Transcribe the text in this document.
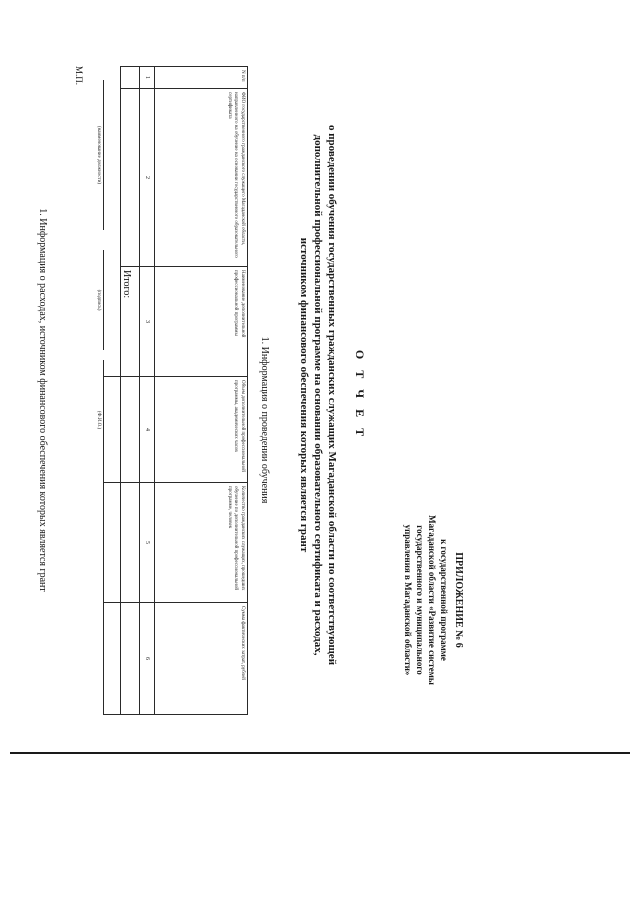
ПРИЛОЖЕНИЕ № 6
к государственной программе
Магаданской области «Развитие системы
государственного и муниципального
управления в Магаданской области»
О Т Ч Е Т
о проведении обучения государственных гражданских служащих Магаданской области по соответствующей
дополнительной профессиональной программе на основании образовательного сертификата и расходах,
источником финансового обеспечения которых является грант
1. Информация о проведении обучения
N п/п	ФИО государственного гражданского служащего Магаданской области, направленного на обучение на основании государственного образовательного сертификата	Наименование дополнительной профессиональной программы	Объем дополнительной профессиональной программы, академических часов	Количество гражданских служащих, прошедших обучение по дополнительной профессиональной программе, человек	Сумма фактических затрат, рублей
1	2	3	4	5	6

Итого:
(наименование должности)
(подпись)
(Ф.И.О.)
М.П.
1. Информация о расходах, источником финансового обеспечения которых является грант
